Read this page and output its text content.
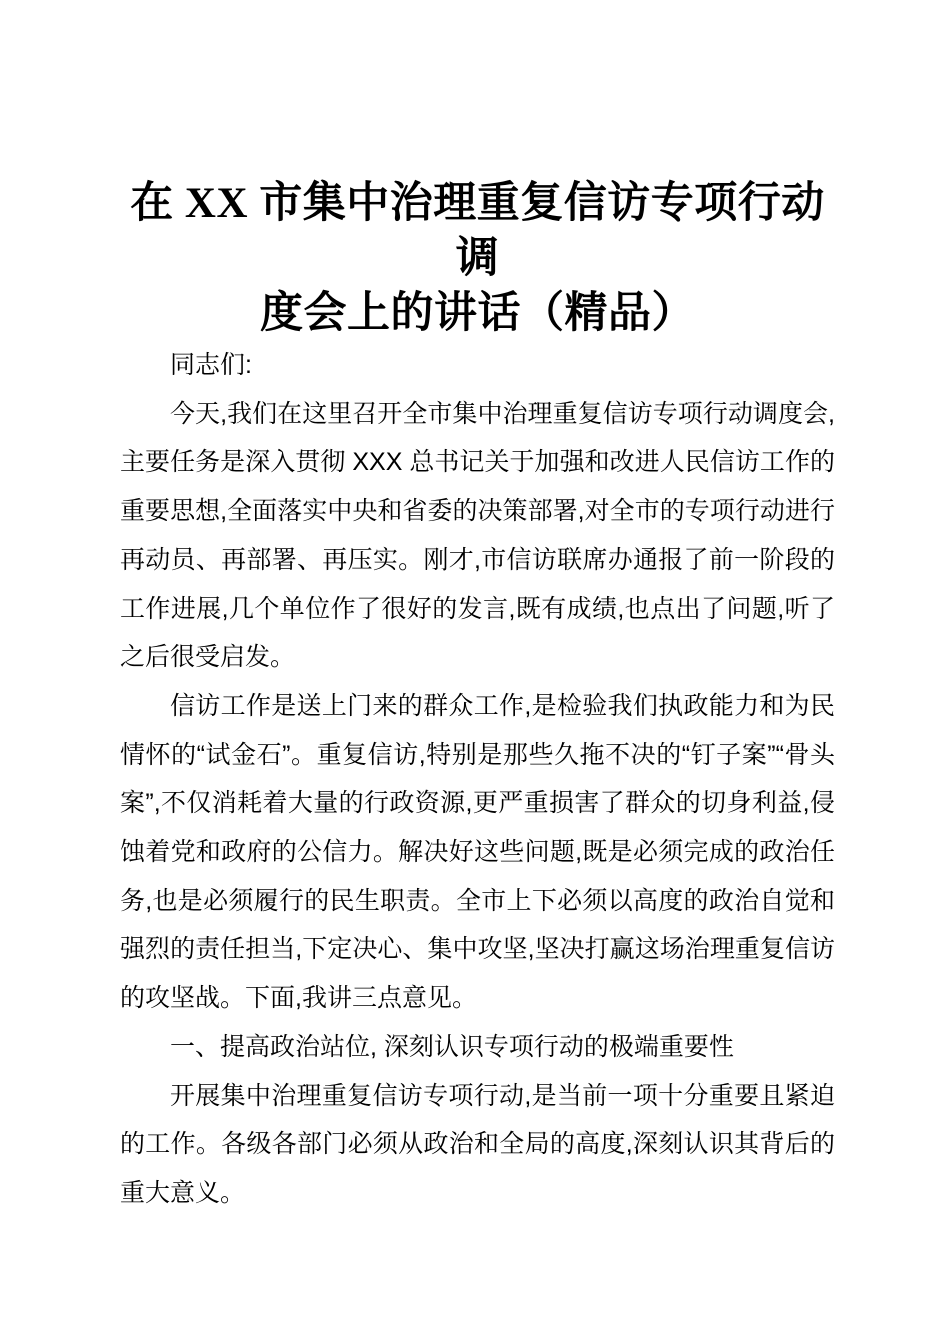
在 XX 市集中治理重复信访专项行动调
度会上的讲话（精品）

同志们:

今天,我们在这里召开全市集中治理重复信访专项行动调度会,主要任务是深入贯彻 XXX 总书记关于加强和改进人民信访工作的重要思想,全面落实中央和省委的决策部署,对全市的专项行动进行再动员、再部署、再压实。刚才,市信访联席办通报了前一阶段的工作进展,几个单位作了很好的发言,既有成绩,也点出了问题,听了之后很受启发。

信访工作是送上门来的群众工作,是检验我们执政能力和为民情怀的“试金石”。重复信访,特别是那些久拖不决的“钉子案”“骨头案”,不仅消耗着大量的行政资源,更严重损害了群众的切身利益,侵蚀着党和政府的公信力。解决好这些问题,既是必须完成的政治任务,也是必须履行的民生职责。全市上下必须以高度的政治自觉和强烈的责任担当,下定决心、集中攻坚,坚决打赢这场治理重复信访的攻坚战。下面,我讲三点意见。

一、提高政治站位, 深刻认识专项行动的极端重要性

开展集中治理重复信访专项行动,是当前一项十分重要且紧迫的工作。各级各部门必须从政治和全局的高度,深刻认识其背后的重大意义。
